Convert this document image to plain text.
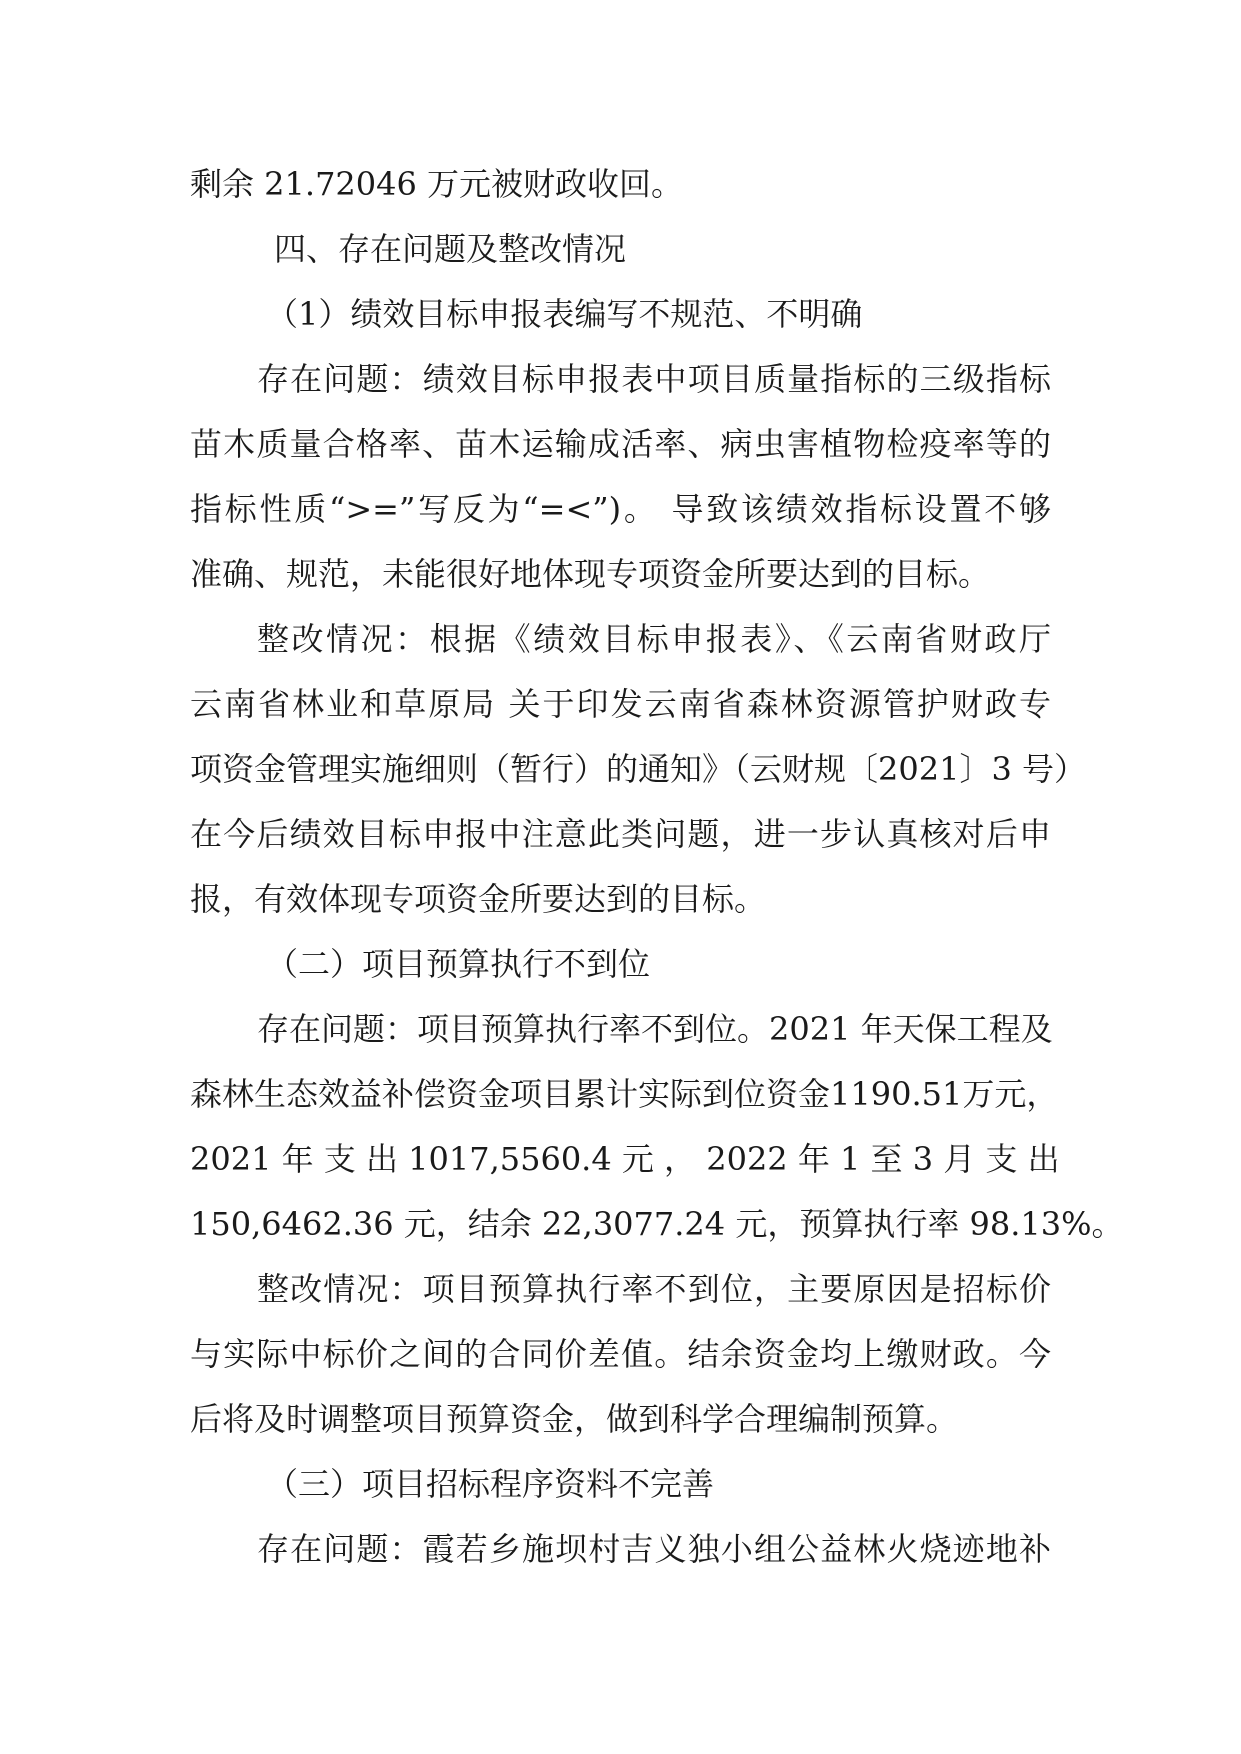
剩余 21.72046 万元被财政收回。
四、存在问题及整改情况
（1）绩效目标申报表编写不规范、不明确
存在问题：绩效目标申报表中项目质量指标的三级指标
苗木质量合格率、苗木运输成活率、病虫害植物检疫率等的
指标性质“>=”写反为“=<”)。 导致该绩效指标设置不够
准确、规范，未能很好地体现专项资金所要达到的目标。
整改情况：根据《绩效目标申报表》、《云南省财政厅
云南省林业和草原局 关于印发云南省森林资源管护财政专
项资金管理实施细则（暂行）的通知》（云财规〔2021〕3 号）
在今后绩效目标申报中注意此类问题，进一步认真核对后申
报，有效体现专项资金所要达到的目标。
（二）项目预算执行不到位
存在问题：项目预算执行率不到位。2021 年天保工程及
森林生态效益补偿资金项目累计实际到位资金1190.51万元，
2021 年 支 出 1017,5560.4 元 ， 2022 年 1 至 3 月 支 出
150,6462.36 元，结余 22,3077.24 元，预算执行率 98.13%。
整改情况：项目预算执行率不到位，主要原因是招标价
与实际中标价之间的合同价差值。结余资金均上缴财政。今
后将及时调整项目预算资金，做到科学合理编制预算。
（三）项目招标程序资料不完善
存在问题：霞若乡施坝村吉义独小组公益林火烧迹地补
